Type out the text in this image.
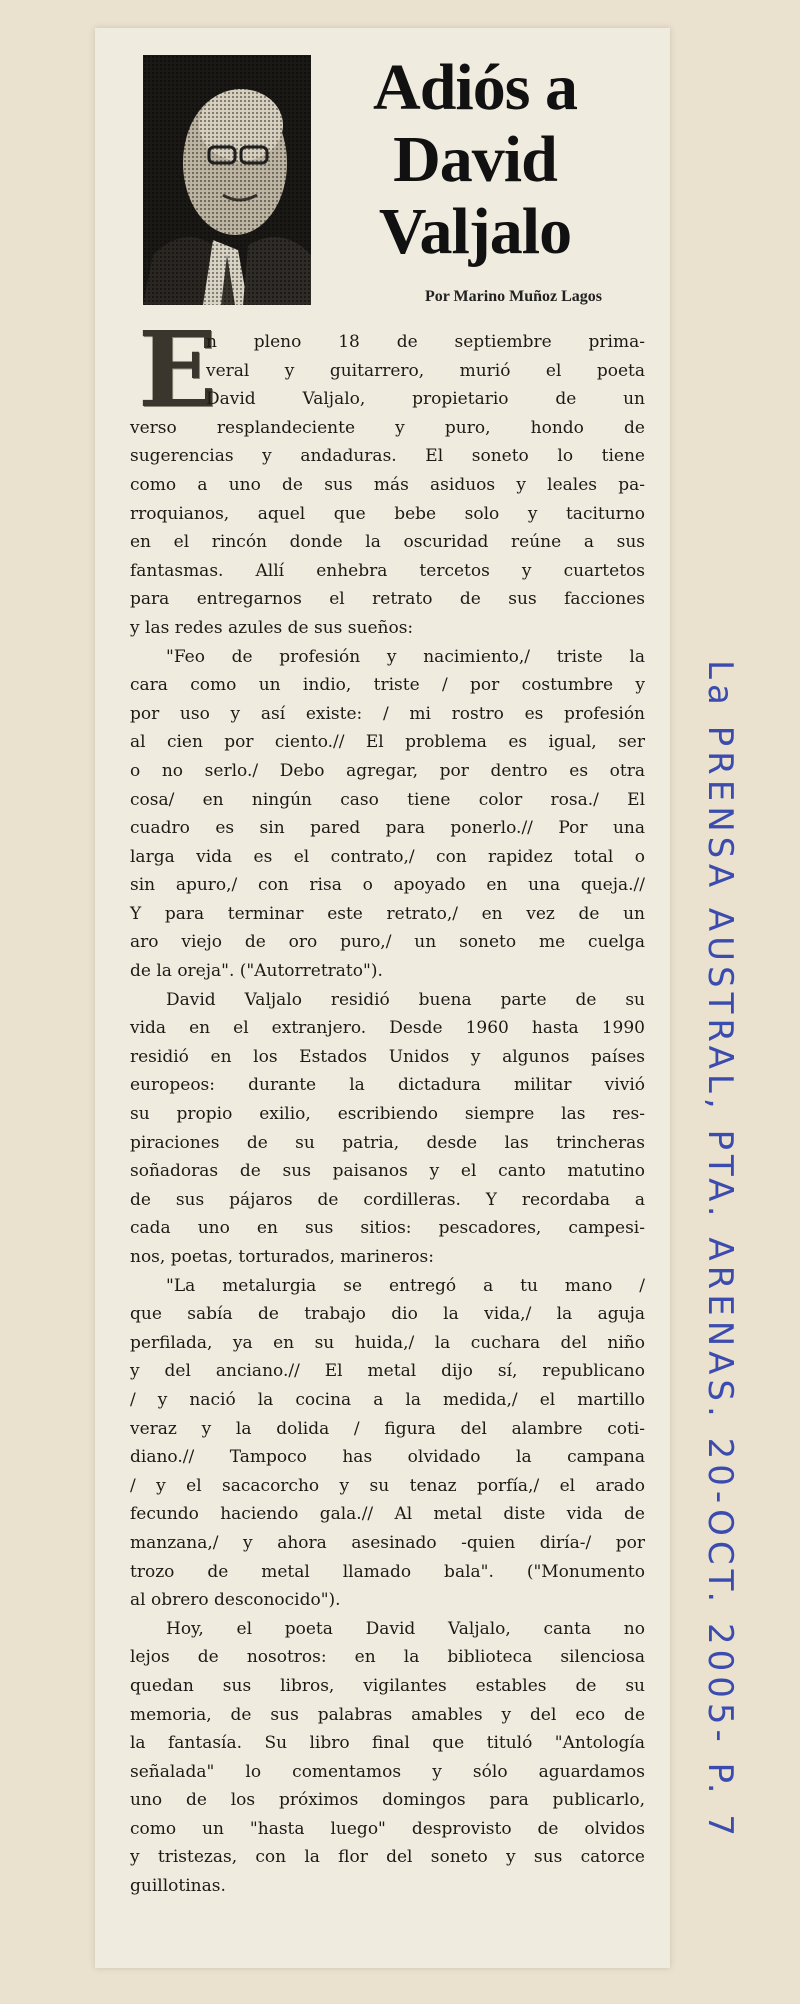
Adiós a
David
Valjalo
Por Marino Muñoz Lagos
E
n pleno 18 de septiembre prima-
veral y guitarrero, murió el poeta
David Valjalo, propietario de un
verso resplandeciente y puro, hondo de
sugerencias y andaduras. El soneto lo tiene
como a uno de sus más asiduos y leales pa-
rroquianos, aquel que bebe solo y taciturno
en el rincón donde la oscuridad reúne a sus
fantasmas. Allí enhebra tercetos y cuartetos
para entregarnos el retrato de sus facciones
y las redes azules de sus sueños:
"Feo de profesión y nacimiento,/ triste la
cara como un indio, triste / por costumbre y
por uso y así existe: / mi rostro es profesión
al cien por ciento.// El problema es igual, ser
o no serlo./ Debo agregar, por dentro es otra
cosa/ en ningún caso tiene color rosa./ El
cuadro es sin pared para ponerlo.// Por una
larga vida es el contrato,/ con rapidez total o
sin apuro,/ con risa o apoyado en una queja.//
Y para terminar este retrato,/ en vez de un
aro viejo de oro puro,/ un soneto me cuelga
de la oreja". ("Autorretrato").
David Valjalo residió buena parte de su
vida en el extranjero. Desde 1960 hasta 1990
residió en los Estados Unidos y algunos países
europeos: durante la dictadura militar vivió
su propio exilio, escribiendo siempre las res-
piraciones de su patria, desde las trincheras
soñadoras de sus paisanos y el canto matutino
de sus pájaros de cordilleras. Y recordaba a
cada uno en sus sitios: pescadores, campesi-
nos, poetas, torturados, marineros:
"La metalurgia se entregó a tu mano /
que sabía de trabajo dio la vida,/ la aguja
perfilada, ya en su huida,/ la cuchara del niño
y del anciano.// El metal dijo sí, republicano
/ y nació la cocina a la medida,/ el martillo
veraz y la dolida / figura del alambre coti-
diano.// Tampoco has olvidado la campana
/ y el sacacorcho y su tenaz porfía,/ el arado
fecundo haciendo gala.// Al metal diste vida de
manzana,/ y ahora asesinado -quien diría-/ por
trozo de metal llamado bala". ("Monumento
al obrero desconocido").
Hoy, el poeta David Valjalo, canta no
lejos de nosotros: en la biblioteca silenciosa
quedan sus libros, vigilantes estables de su
memoria, de sus palabras amables y del eco de
la fantasía. Su libro final que tituló "Antología
señalada" lo comentamos y sólo aguardamos
uno de los próximos domingos para publicarlo,
como un "hasta luego" desprovisto de olvidos
y tristezas, con la flor del soneto y sus catorce
guillotinas.
La PRENSA AUSTRAL, PTA. ARENAS. 20-OCT. 2005- P. 7
